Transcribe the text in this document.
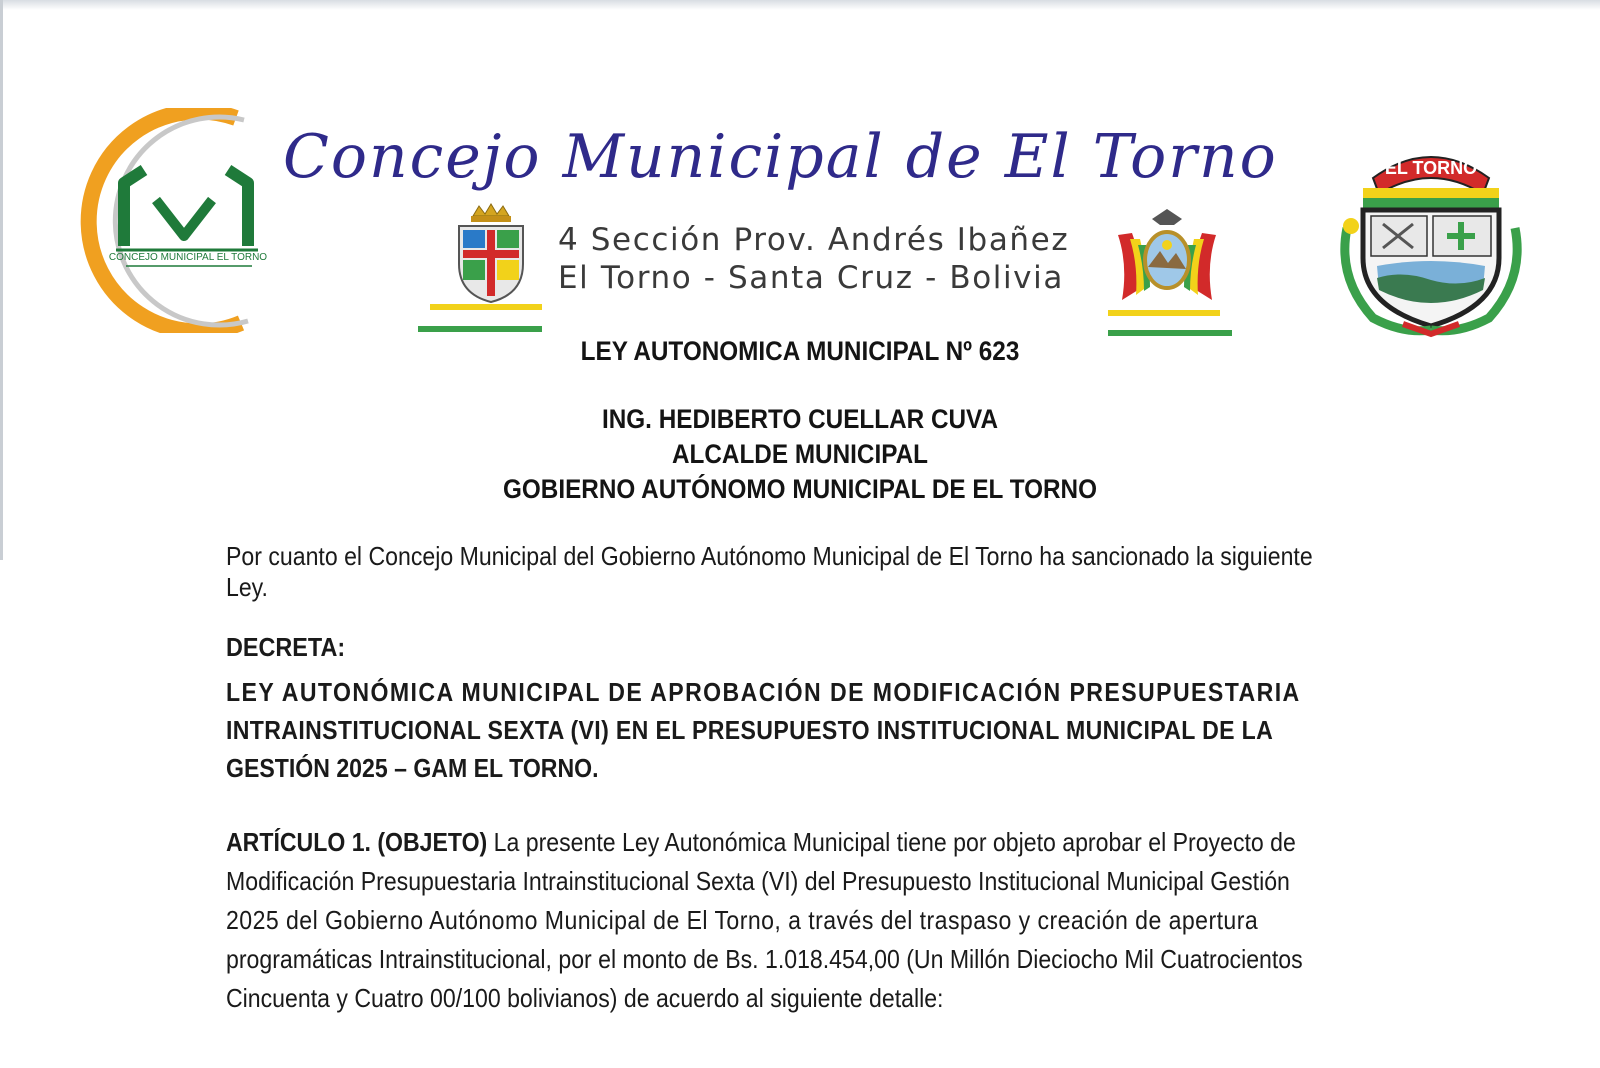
CONCEJO MUNICIPAL EL TORNO
Concejo Municipal de El Torno
4 Sección Prov. Andrés Ibañez
El Torno - Santa Cruz - Bolivia
EL TORNO
LEY AUTONOMICA MUNICIPAL Nº 623
ING. HEDIBERTO CUELLAR CUVA
ALCALDE MUNICIPAL
GOBIERNO AUTÓNOMO MUNICIPAL DE EL TORNO
Por cuanto el Concejo Municipal del Gobierno Autónomo Municipal de El Torno ha sancionado la siguiente
Ley.
DECRETA:
LEY AUTONÓMICA MUNICIPAL DE APROBACIÓN DE MODIFICACIÓN PRESUPUESTARIA
INTRAINSTITUCIONAL SEXTA (VI) EN EL PRESUPUESTO INSTITUCIONAL MUNICIPAL DE LA
GESTIÓN 2025 – GAM EL TORNO.
ARTÍCULO 1. (OBJETO) La presente Ley Autonómica Municipal tiene por objeto aprobar el Proyecto de
Modificación Presupuestaria Intrainstitucional Sexta (VI) del Presupuesto Institucional Municipal Gestión
2025 del Gobierno Autónomo Municipal de El Torno, a través del traspaso y creación de apertura
programáticas Intrainstitucional, por el monto de Bs. 1.018.454,00 (Un Millón Dieciocho Mil Cuatrocientos
Cincuenta y Cuatro 00/100 bolivianos) de acuerdo al siguiente detalle:
